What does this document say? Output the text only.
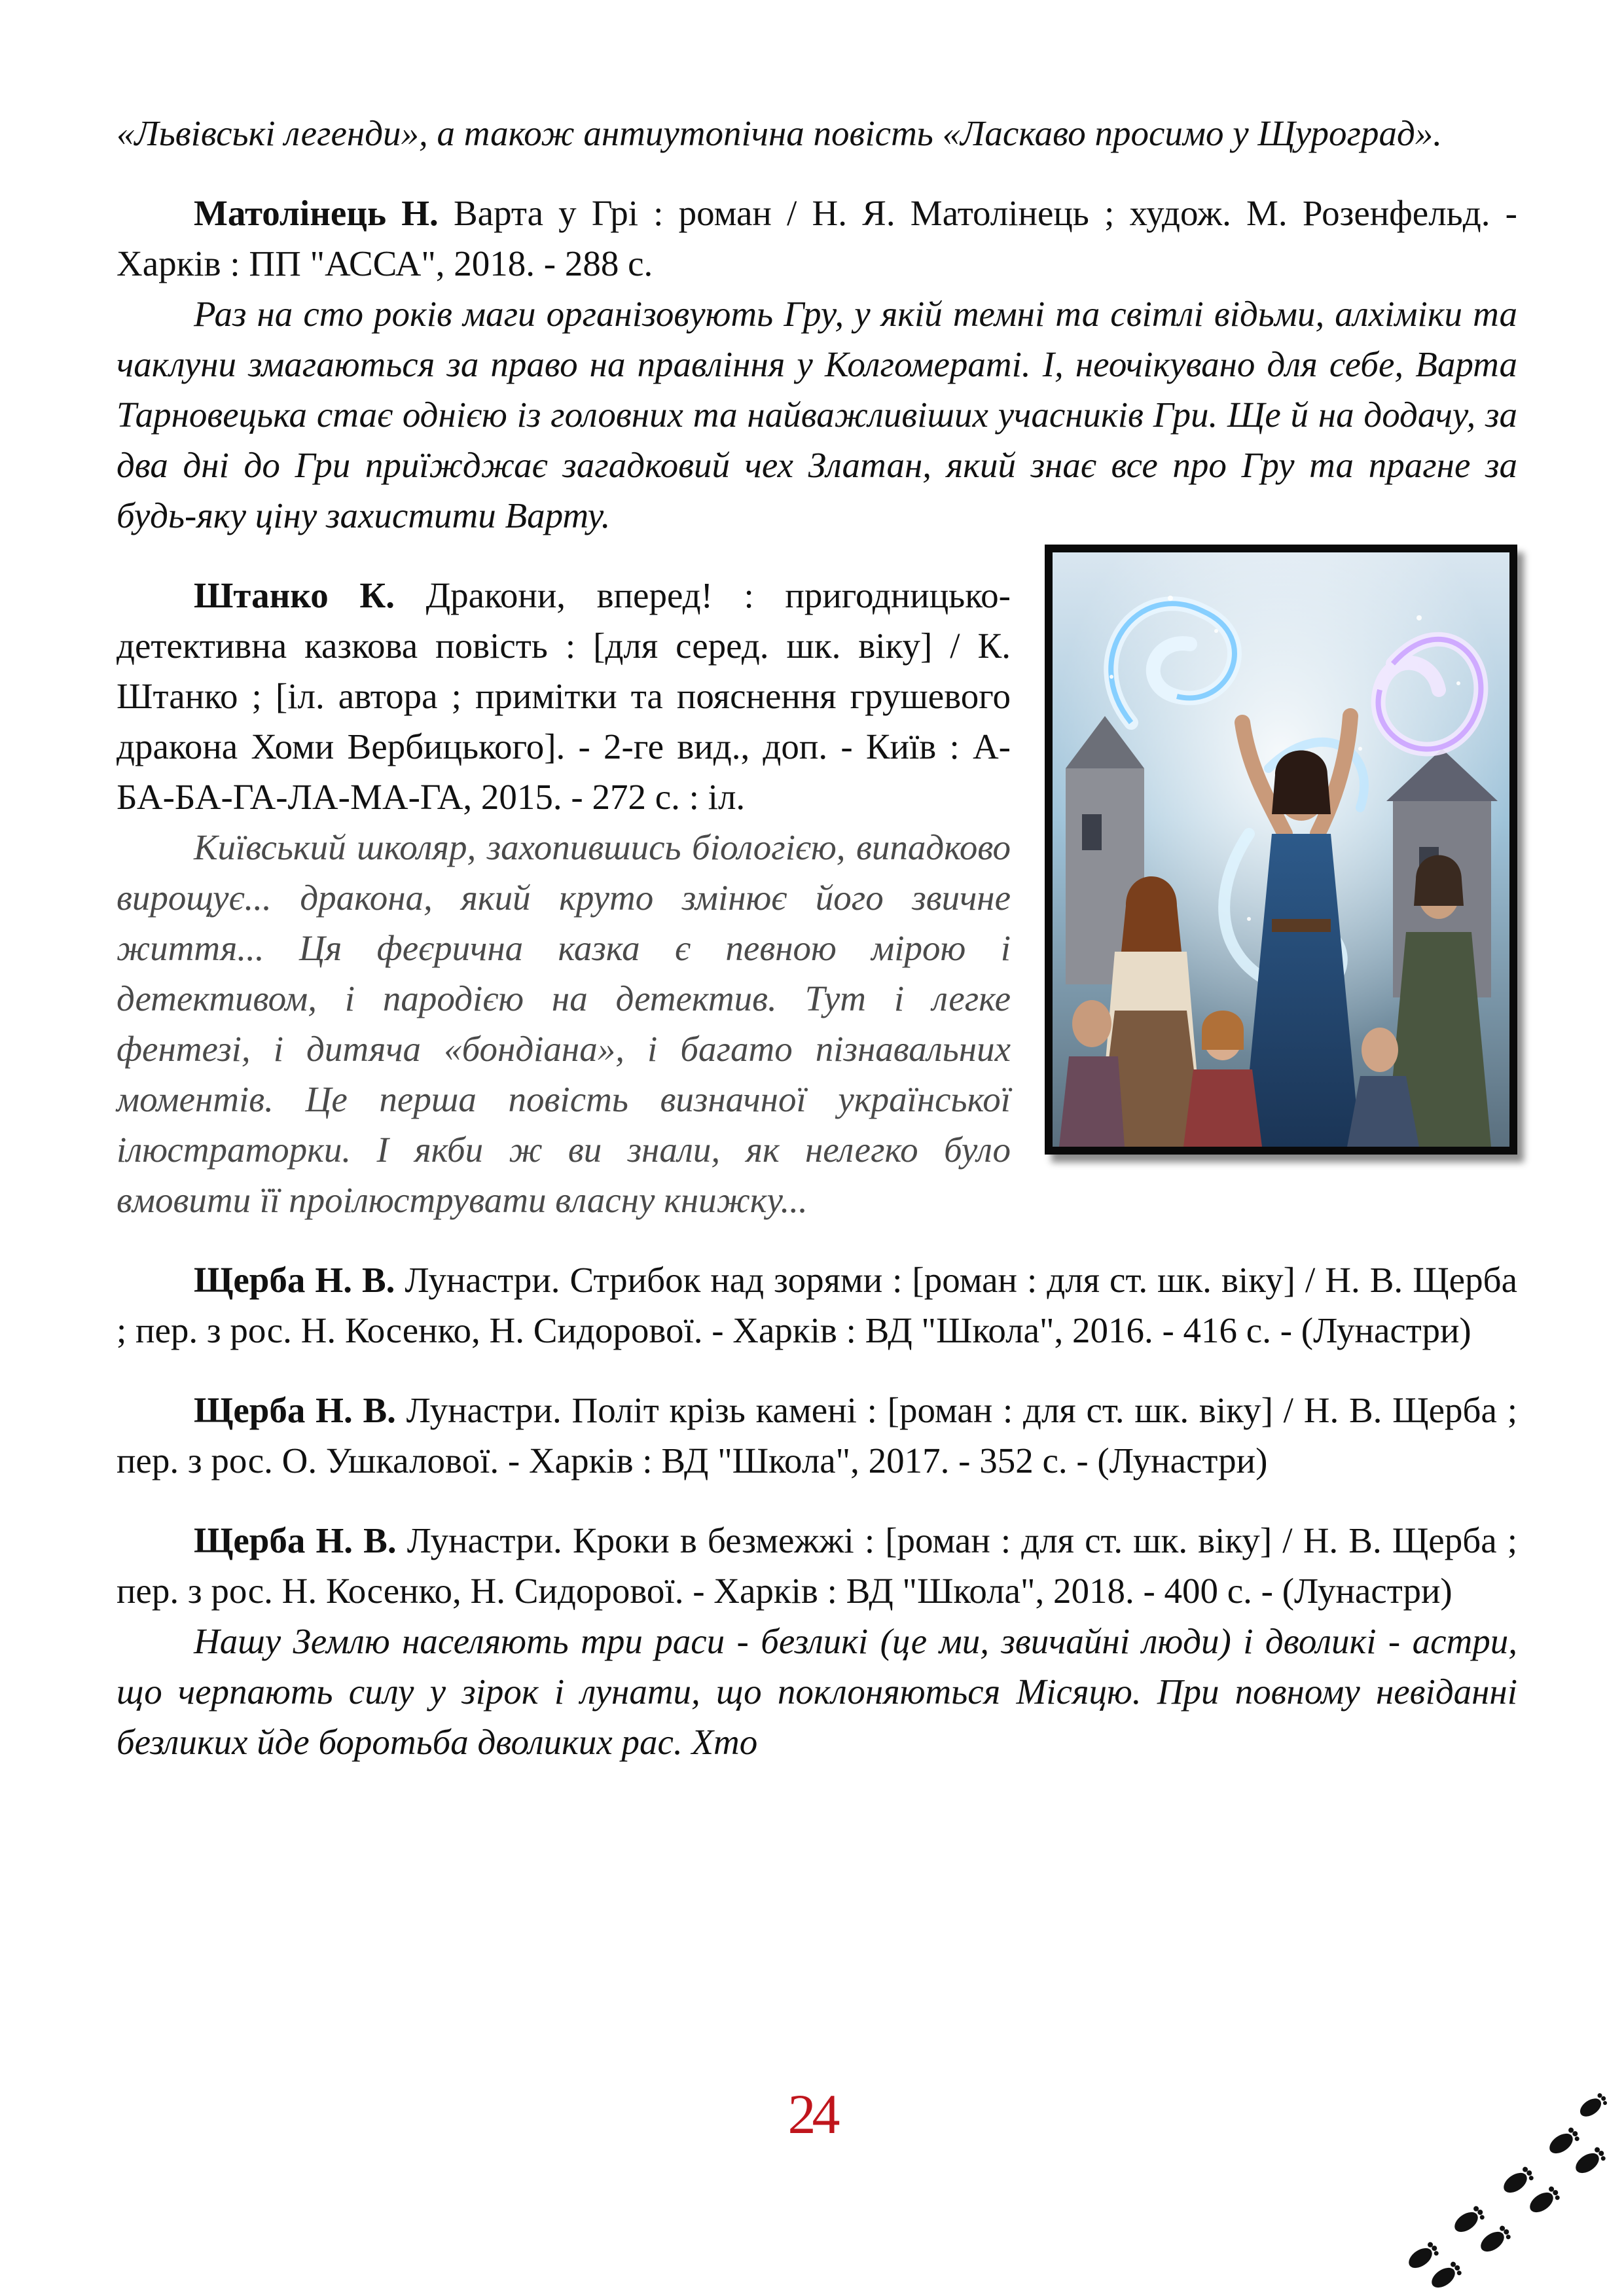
«Львівські легенди», а також антиутопічна повість «Ласкаво просимо у Щуроград».

Матолінець Н. Варта у Грі : роман / Н. Я. Матолінець ; худож. М. Розенфельд. - Харків : ПП "АССА", 2018. - 288 с.

Раз на сто років маги організовують Гру, у якій темні та світлі відьми, алхіміки та чаклуни змагаються за право на правління у Колгомераті. І, неочікувано для себе, Варта Тарновецька стає однією із головних та найважливіших учасників Гри. Ще й на додачу, за два дні до Гри приїжджає загадковий чех Златан, який знає все про Гру та прагне за будь-яку ціну захистити Варту.

Штанко К. Дракони, вперед! : пригодницько-детективна казкова повість : [для серед. шк. віку] / К. Штанко ; [іл. автора ; примітки та пояснення грушевого дракона Хоми Вербицького]. - 2-ге вид., доп. - Київ : А-БА-БА-ГА-ЛА-МА-ГА, 2015. - 272 с. : іл.

Київський школяр, захопившись біологією, випадково вирощує... дракона, який круто змінює його звичне життя... Ця феєрична казка є певною мірою і детективом, і пародією на детектив. Тут і легке фентезі, і дитяча «бондіана», і багато пізнавальних моментів. Це перша повість визначної української ілюстраторки. І якби ж ви знали, як нелегко було вмовити її проілюструвати власну книжку...

Щерба Н. В. Лунастри. Стрибок над зорями : [роман : для ст. шк. віку] / Н. В. Щерба ; пер. з рос. Н. Косенко, Н. Сидорової. - Харків : ВД "Школа", 2016. - 416 с. - (Лунастри)

Щерба Н. В. Лунастри. Політ крізь камені : [роман : для ст. шк. віку] / Н. В. Щерба ; пер. з рос. О. Ушкалової. - Харків : ВД "Школа", 2017. - 352 с. - (Лунастри)

Щерба Н. В. Лунастри. Кроки в безмежжі : [роман : для ст. шк. віку] / Н. В. Щерба ; пер. з рос. Н. Косенко, Н. Сидорової. - Харків : ВД "Школа", 2018. - 400 с. - (Лунастри)

Нашу Землю населяють три раси - безликі (це ми, звичайні люди) і дволикі - астри, що черпають силу у зірок і лунати, що поклоняються Місяцю. При повному невіданні безликих йде боротьба дволиких рас. Хто

24
